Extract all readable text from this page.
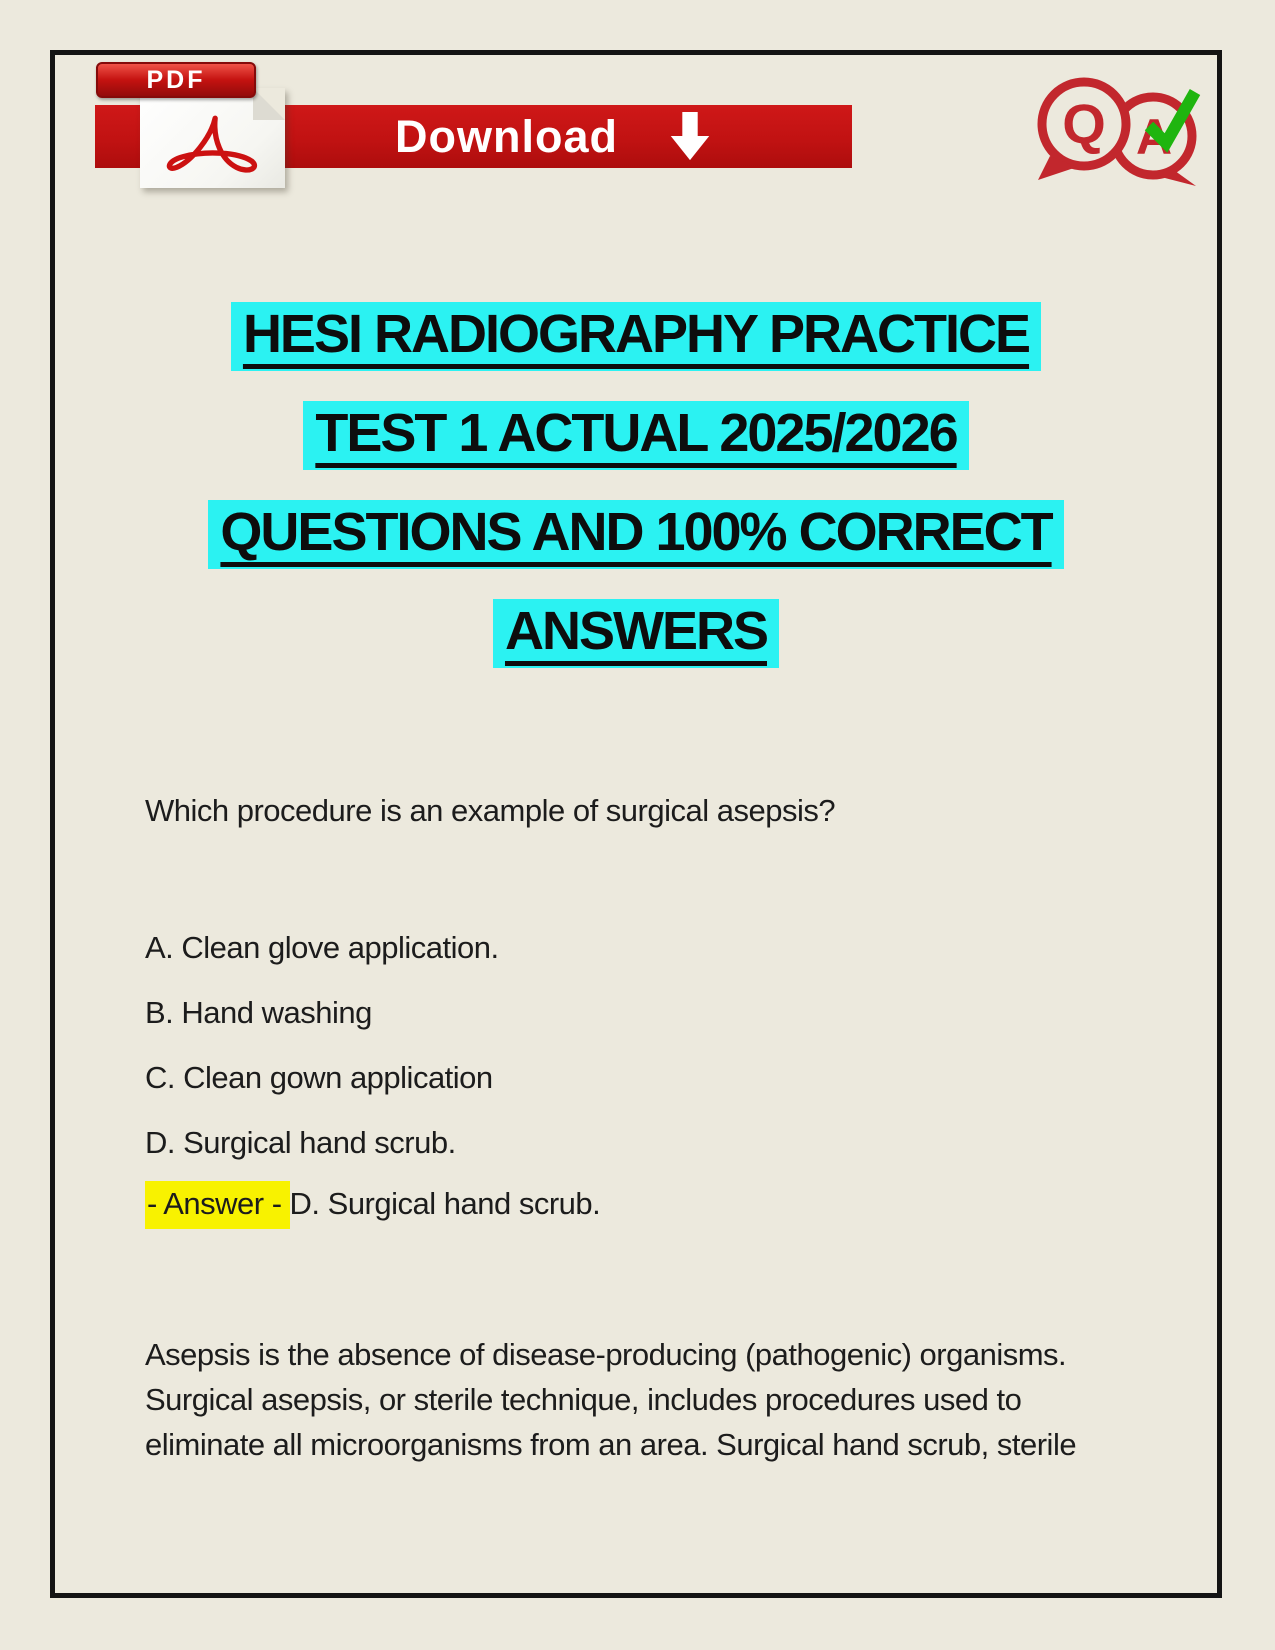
Download
PDF
Q A
HESI RADIOGRAPHY PRACTICE
TEST 1 ACTUAL 2025/2026
QUESTIONS AND 100% CORRECT
ANSWERS
Which procedure is an example of surgical asepsis?
A. Clean glove application.
B. Hand washing
C. Clean gown application
D. Surgical hand scrub.
- Answer - D. Surgical hand scrub.
Asepsis is the absence of disease-producing (pathogenic) organisms.
Surgical asepsis, or sterile technique, includes procedures used to
eliminate all microorganisms from an area. Surgical hand scrub, sterile
